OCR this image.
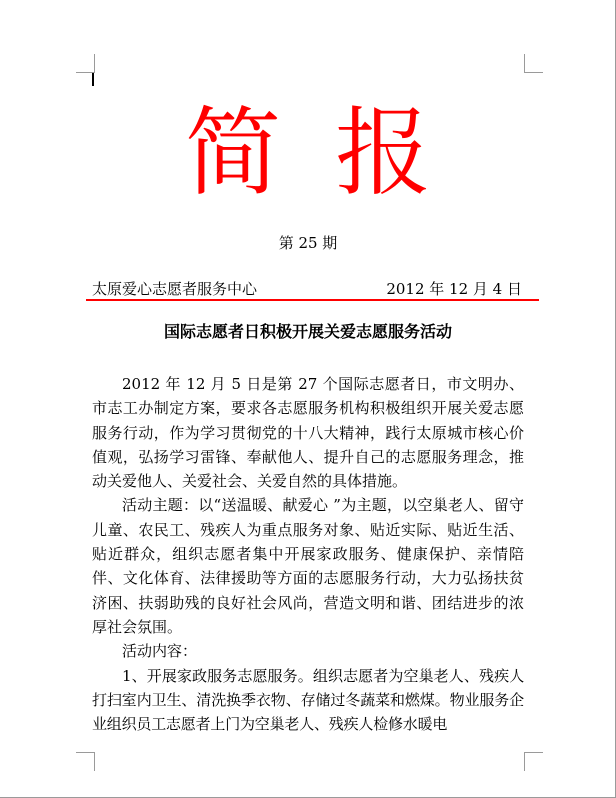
简报
第 25 期
太原爱心志愿者服务中心	2012 年 12 月 4 日
国际志愿者日积极开展关爱志愿服务活动

2012 年 12 月 5 日是第 27 个国际志愿者日，市文明办、市志工办制定方案，要求各志愿服务机构积极组织开展关爱志愿服务行动，作为学习贯彻党的十八大精神，践行太原城市核心价值观，弘扬学习雷锋、奉献他人、提升自己的志愿服务理念，推动关爱他人、关爱社会、关爱自然的具体措施。

活动主题：以“送温暖、献爱心 ”为主题，以空巢老人、留守儿童、农民工、残疾人为重点服务对象、贴近实际、贴近生活、贴近群众，组织志愿者集中开展家政服务、健康保护、亲情陪伴、文化体育、法律援助等方面的志愿服务行动，大力弘扬扶贫济困、扶弱助残的良好社会风尚，营造文明和谐、团结进步的浓厚社会氛围。

活动内容：

1、开展家政服务志愿服务。组织志愿者为空巢老人、残疾人打扫室内卫生、清洗换季衣物、存储过冬蔬菜和燃煤。物业服务企业组织员工志愿者上门为空巢老人、残疾人检修水暖电
